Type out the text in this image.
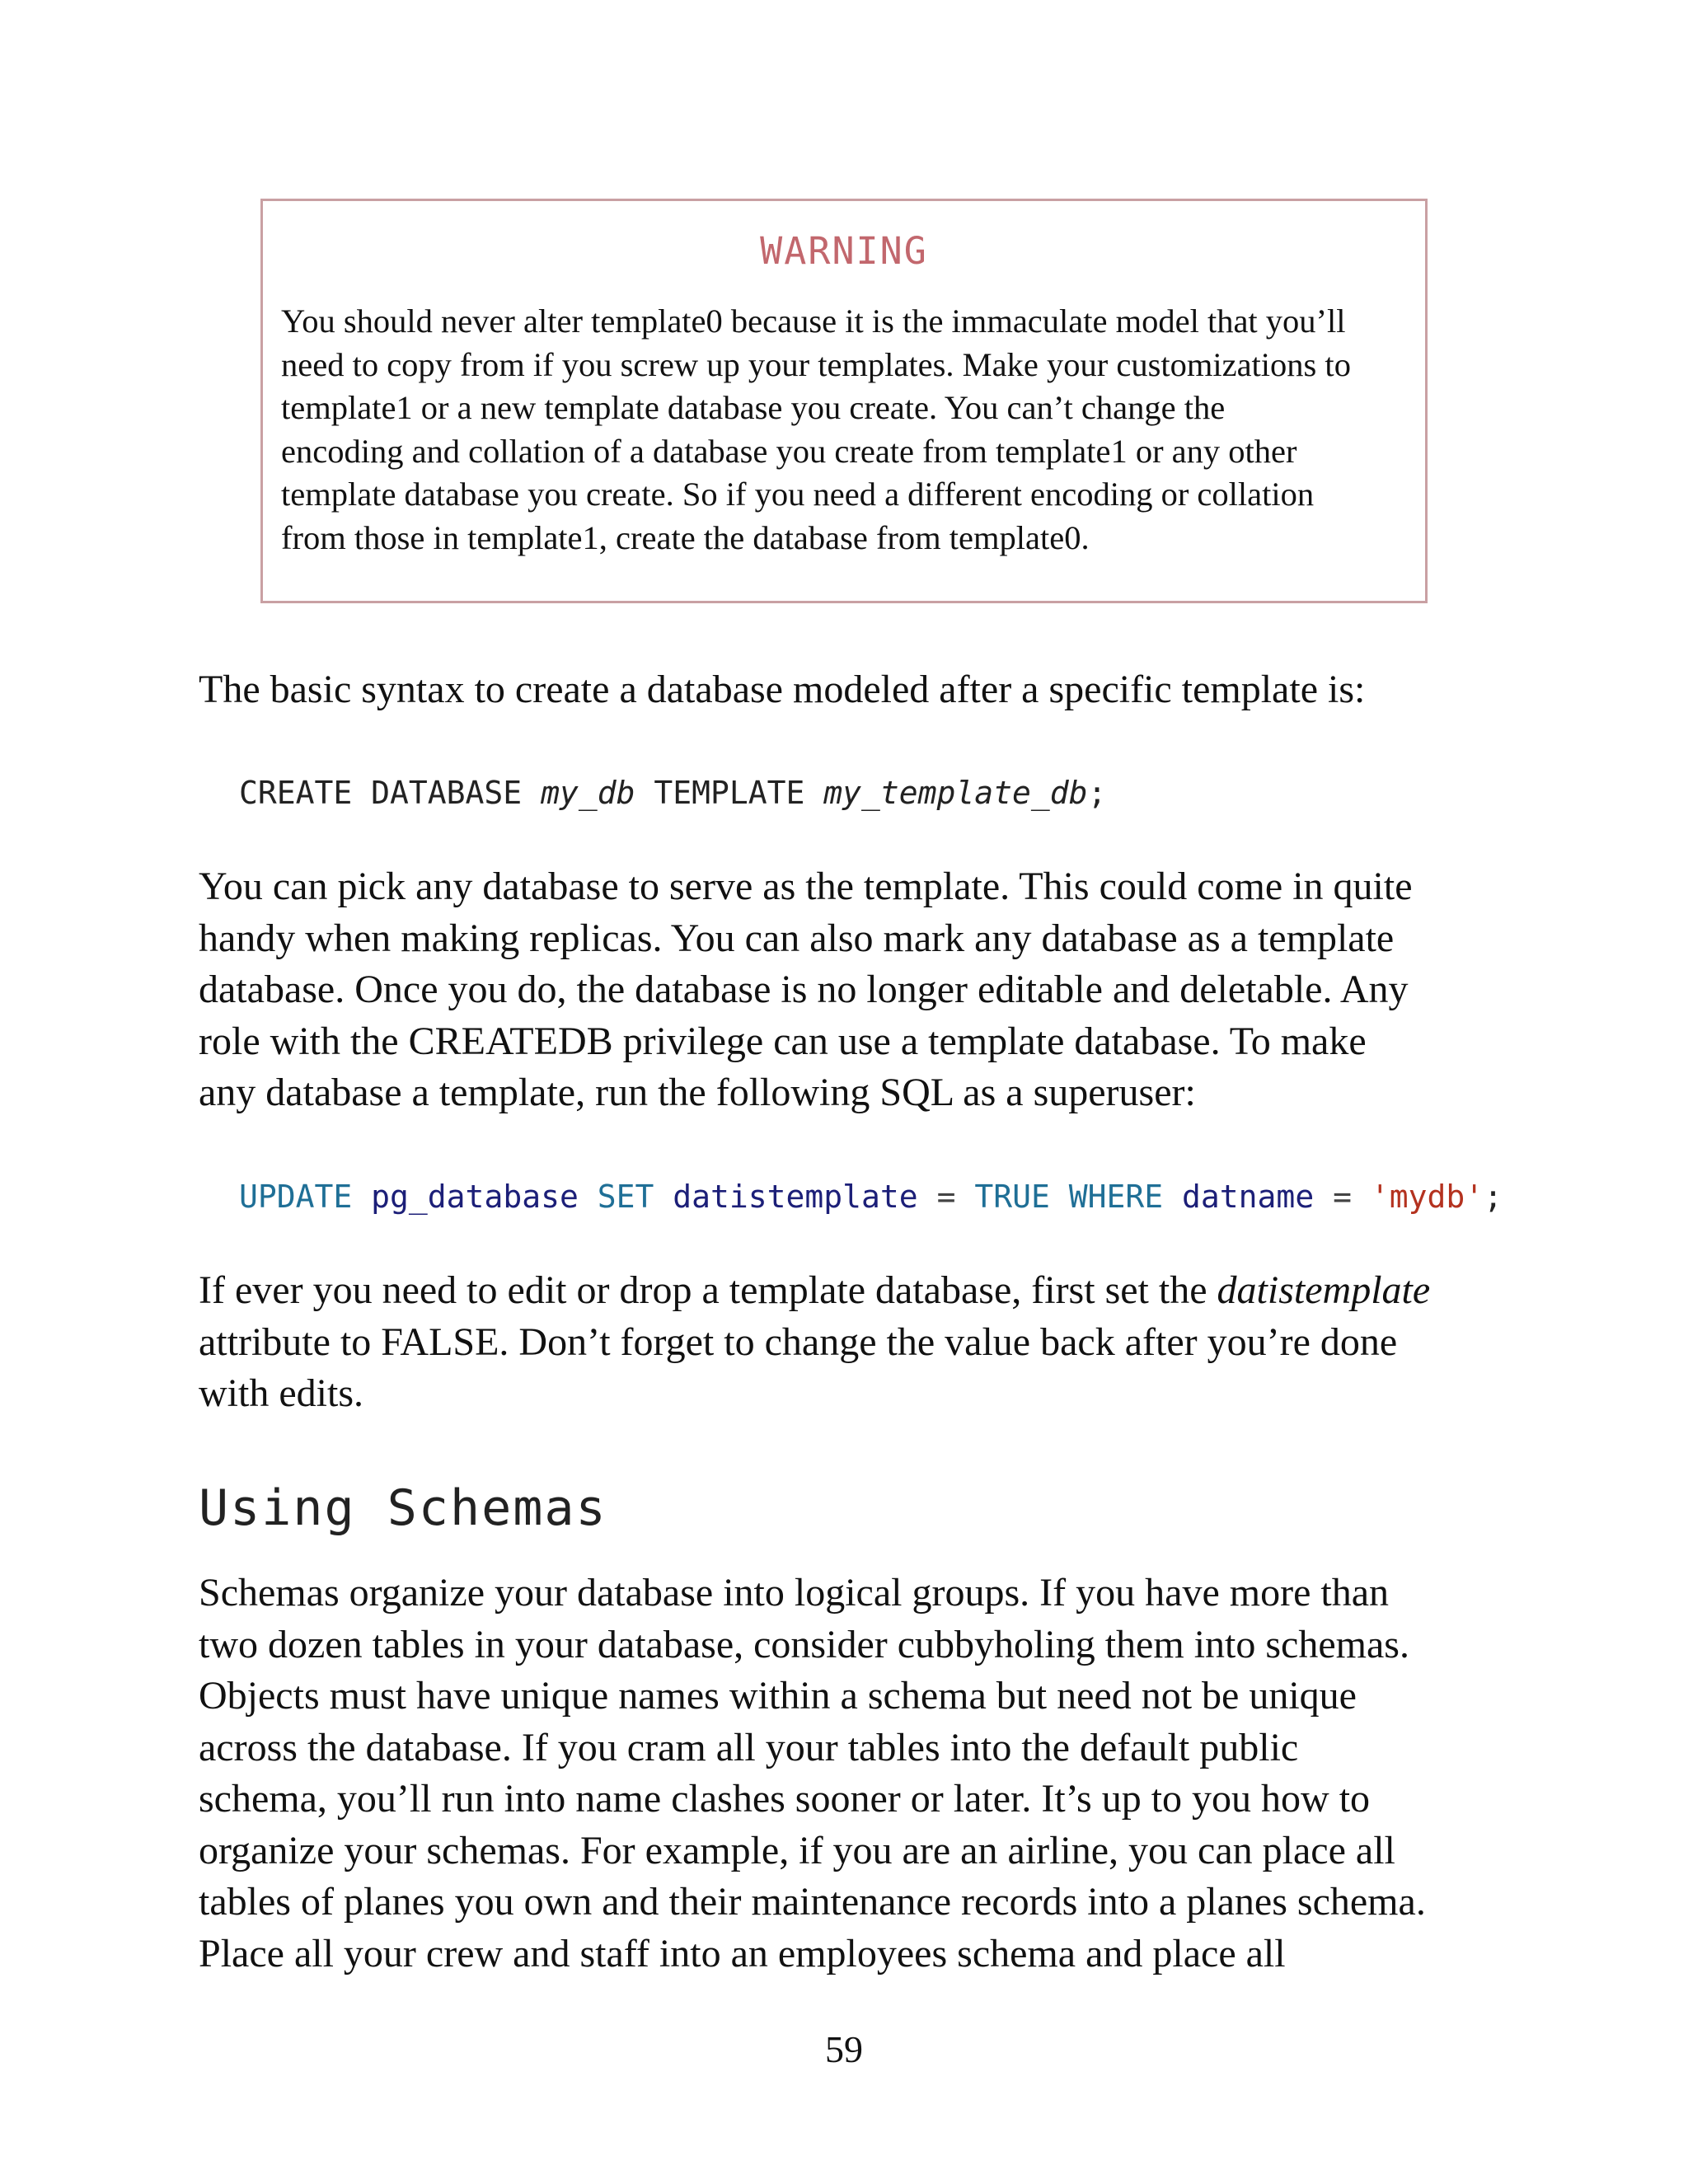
WARNING

You should never alter template0 because it is the immaculate model that you’ll
need to copy from if you screw up your templates. Make your customizations to
template1 or a new template database you create. You can’t change the
encoding and collation of a database you create from template1 or any other
template database you create. So if you need a different encoding or collation
from those in template1, create the database from template0.

The basic syntax to create a database modeled after a specific template is:

CREATE DATABASE my_db TEMPLATE my_template_db;

You can pick any database to serve as the template. This could come in quite
handy when making replicas. You can also mark any database as a template
database. Once you do, the database is no longer editable and deletable. Any
role with the CREATEDB privilege can use a template database. To make
any database a template, run the following SQL as a superuser:

UPDATE pg_database SET datistemplate = TRUE WHERE datname = 'mydb';

If ever you need to edit or drop a template database, first set the datistemplate
attribute to FALSE. Don’t forget to change the value back after you’re done
with edits.

Using Schemas

Schemas organize your database into logical groups. If you have more than
two dozen tables in your database, consider cubbyholing them into schemas.
Objects must have unique names within a schema but need not be unique
across the database. If you cram all your tables into the default public
schema, you’ll run into name clashes sooner or later. It’s up to you how to
organize your schemas. For example, if you are an airline, you can place all
tables of planes you own and their maintenance records into a planes schema.
Place all your crew and staff into an employees schema and place all

59
